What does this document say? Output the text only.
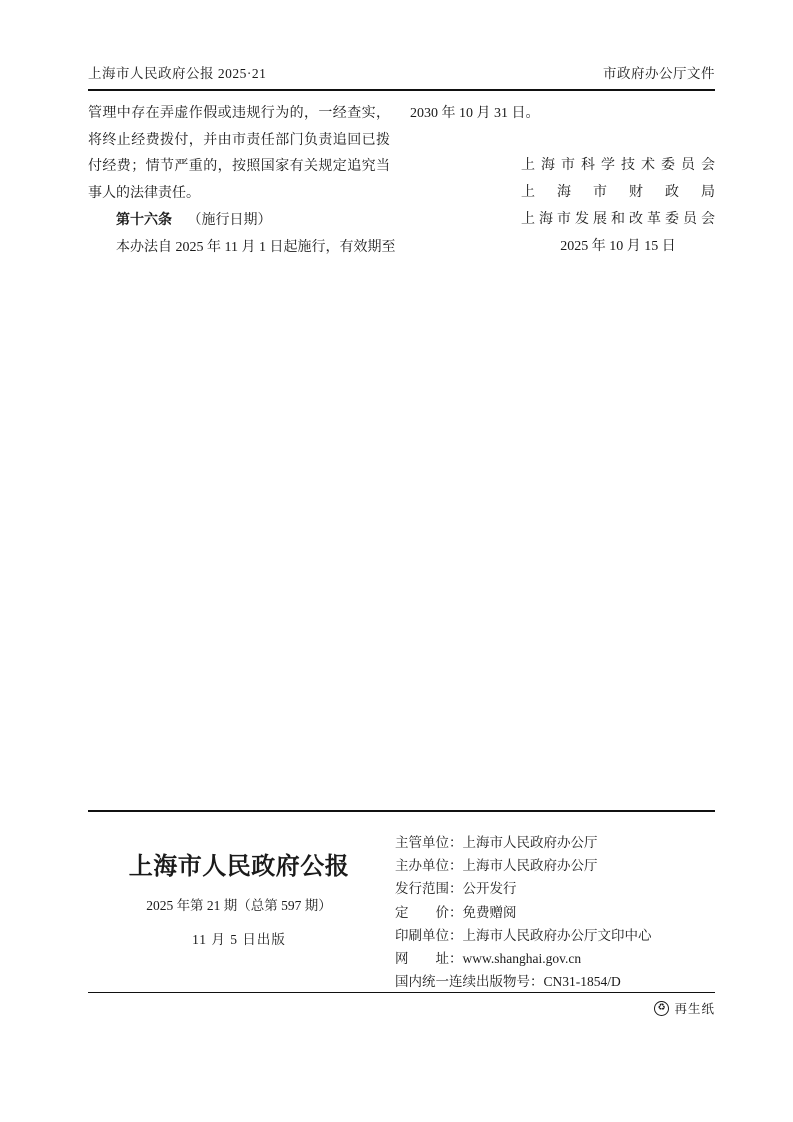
上海市人民政府公报 2025·21	市政府办公厅文件
管理中存在弄虚作假或违规行为的，一经查实，
将终止经费拨付，并由市责任部门负责追回已拨
付经费；情节严重的，按照国家有关规定追究当
事人的法律责任。
第十六条 （施行日期）
本办法自 2025 年 11 月 1 日起施行，有效期至
2030 年 10 月 31 日。
上海市科学技术委员会
上海市财政局
上海市发展和改革委员会
2025 年 10 月 15 日
上海市人民政府公报
2025 年第 21 期（总第 597 期）
11 月 5 日出版
主管单位：上海市人民政府办公厅
主办单位：上海市人民政府办公厅
发行范围：公开发行
定　　价：免费赠阅
印刷单位：上海市人民政府办公厅文印中心
网　　址：www.shanghai.gov.cn
国内统一连续出版物号：CN31-1854/D
♻ 再生纸
